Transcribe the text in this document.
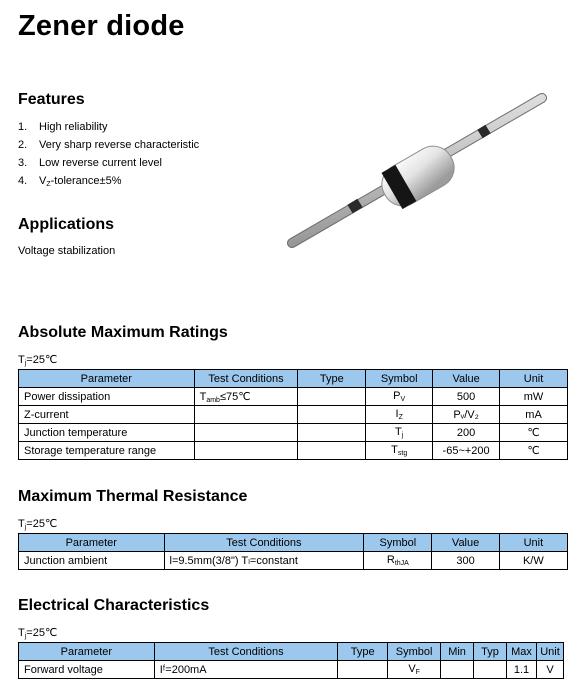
Zener diode
Features
1. High reliability
2. Very sharp reverse characteristic
3. Low reverse current level
4. $V_Z-tolerance\pm 5\%$
Applications
Voltage stabilization
Absolute Maximum Ratings
$T_j=25℃$
Parameter	Test Conditions	Type	Symbol	Value	Unit
Power dissipation	$T_{amb}\le 75℃$		$P_V$	500	mW
Z-current			$I_Z$	Pᵥ/V₂	mA
Junction temperature			$T_j$	200	℃
Storage temperature range			$T_{stg}$	-65~+200	℃
Maximum Thermal Resistance
$T_j=25℃$
Parameter	Test Conditions	Symbol	Value	Unit
Junction ambient	l=9.5mm(3/8") Tₗ=constant	$R_{thJA}$	300	K/W
Electrical Characteristics
$T_j=25℃$
Parameter	Test Conditions	Type	Symbol	Min	Typ	Max	Unit
Forward voltage	Iᶠ=200mA		$V_F$			1.1	V
